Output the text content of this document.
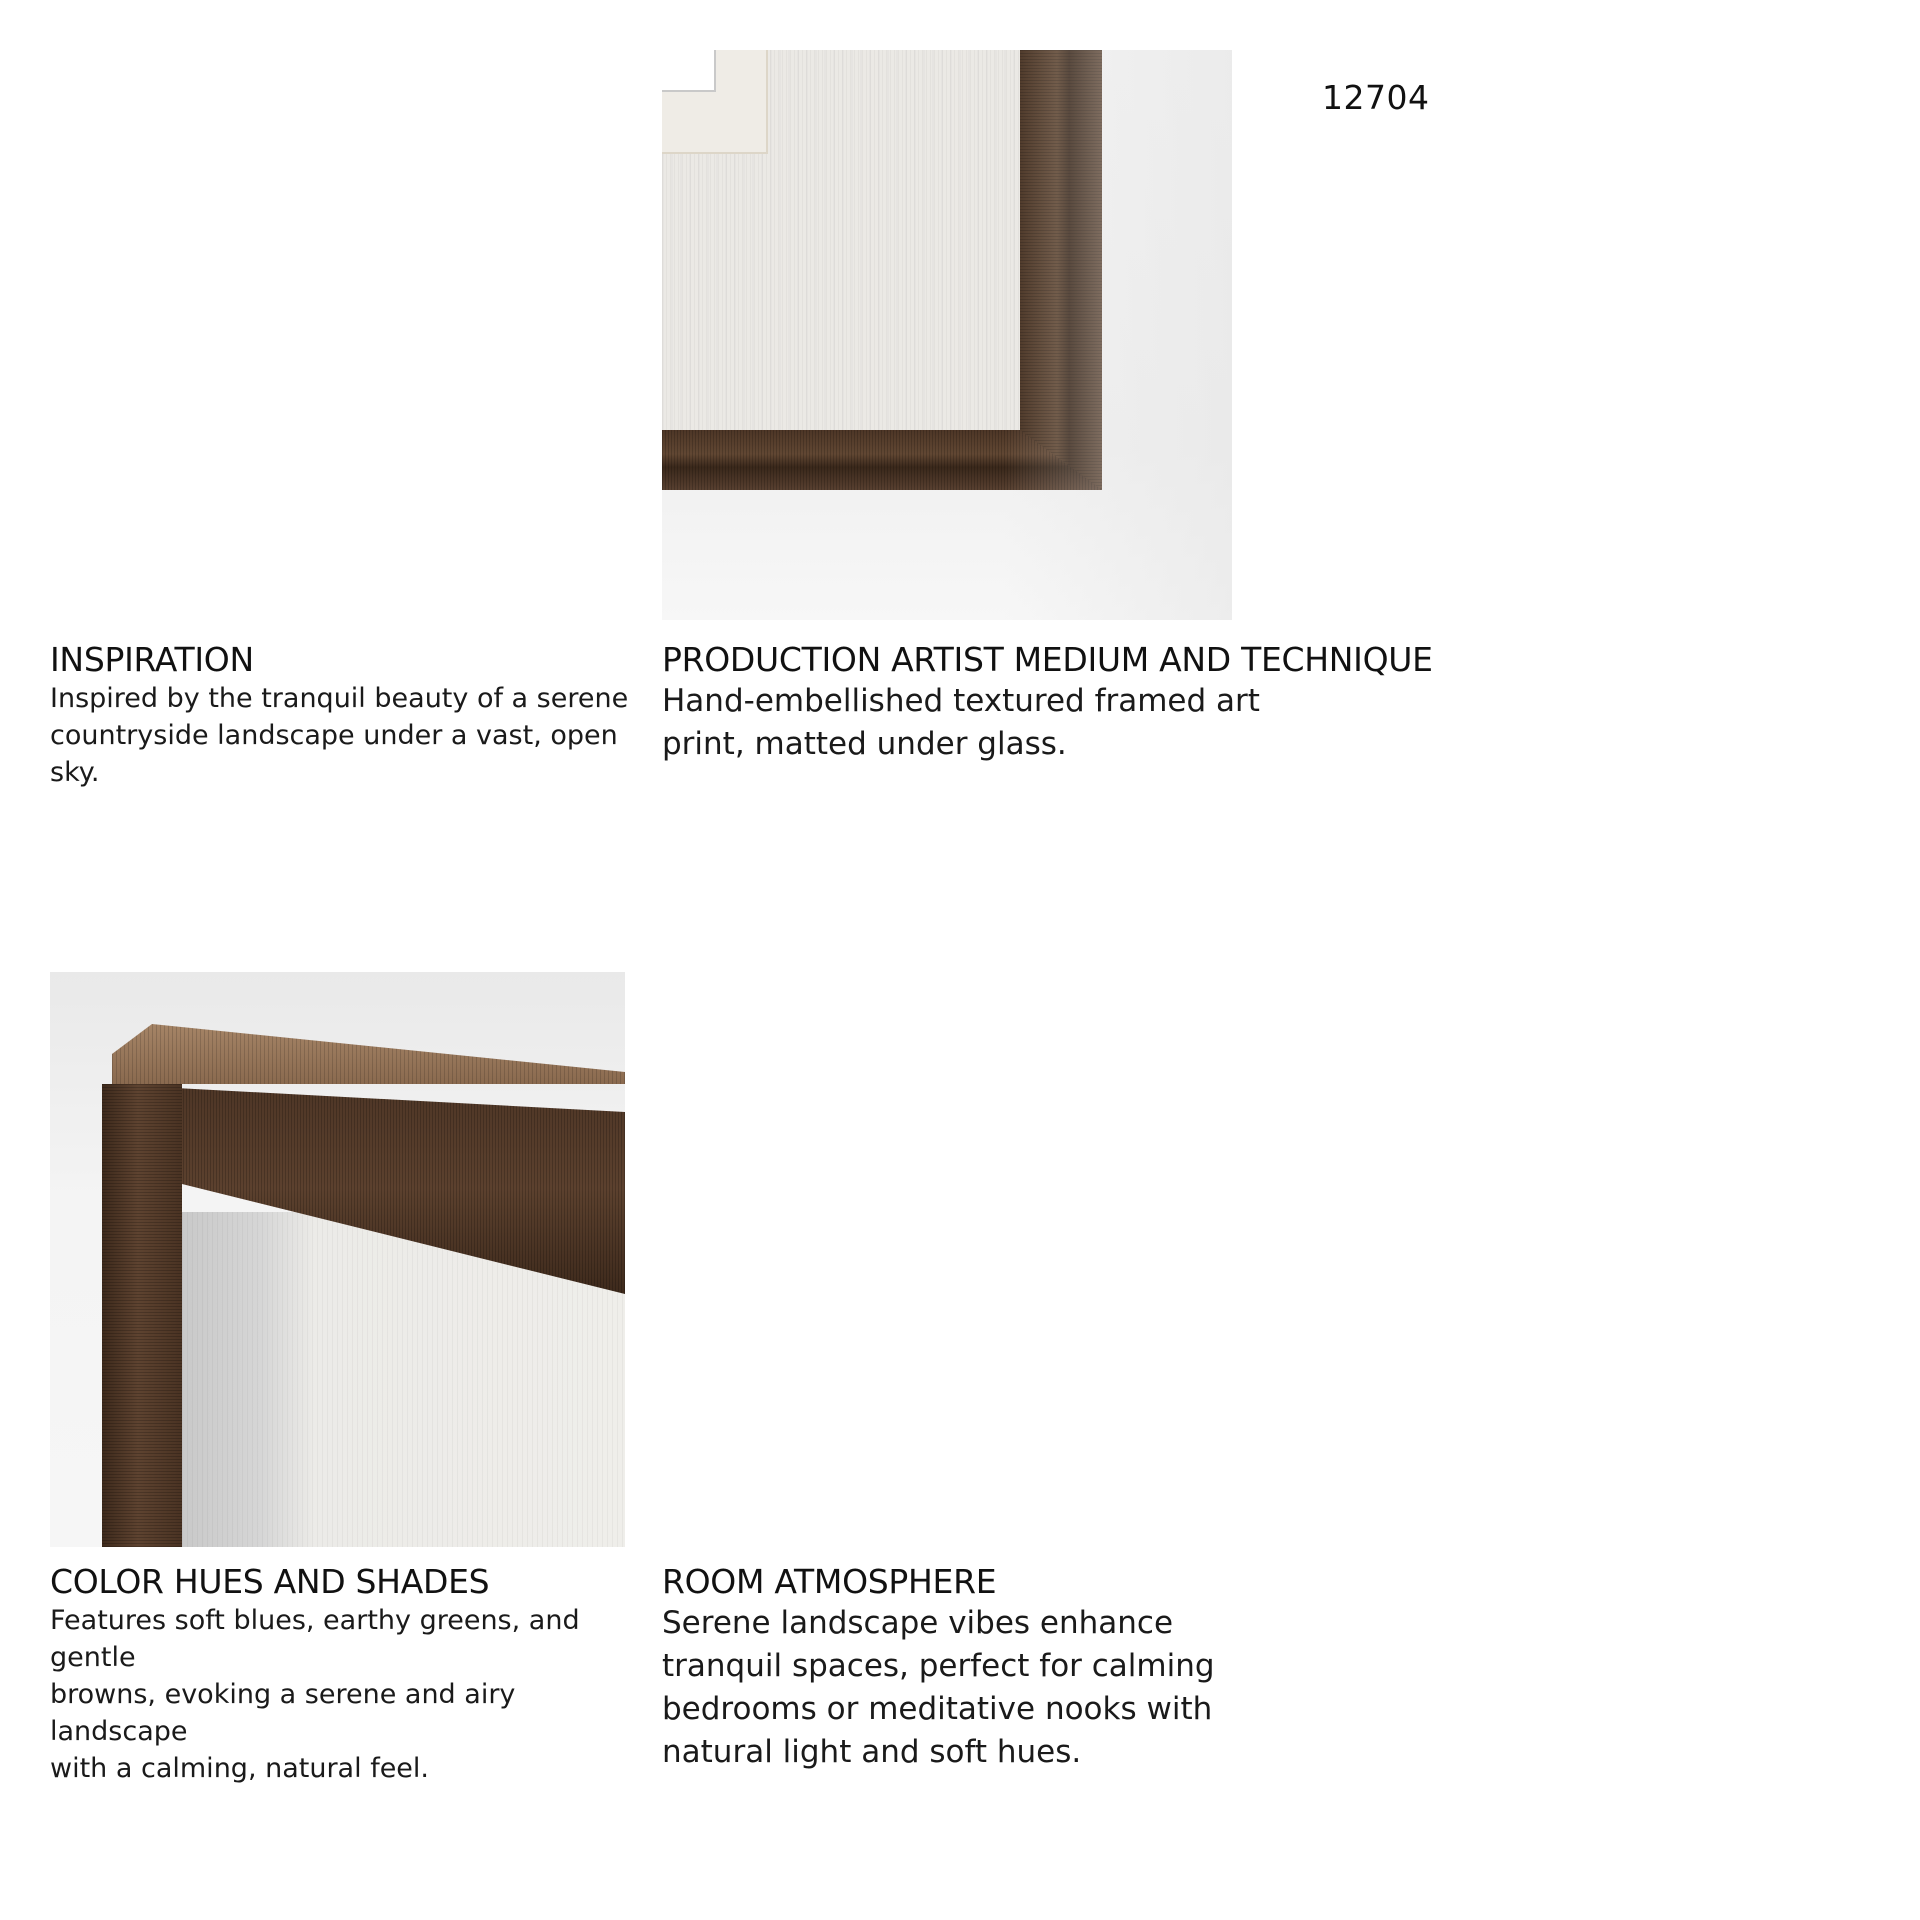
12704
INSPIRATION

Inspired by the tranquil beauty of a serene

countryside landscape under a vast, open sky.

PRODUCTION ARTIST MEDIUM AND TECHNIQUE

Hand-embellished textured framed art

print, matted under glass.

COLOR HUES AND SHADES

Features soft blues, earthy greens, and gentle

browns, evoking a serene and airy landscape

with a calming, natural feel.

ROOM ATMOSPHERE

Serene landscape vibes enhance

tranquil spaces, perfect for calming

bedrooms or meditative nooks with

natural light and soft hues.
